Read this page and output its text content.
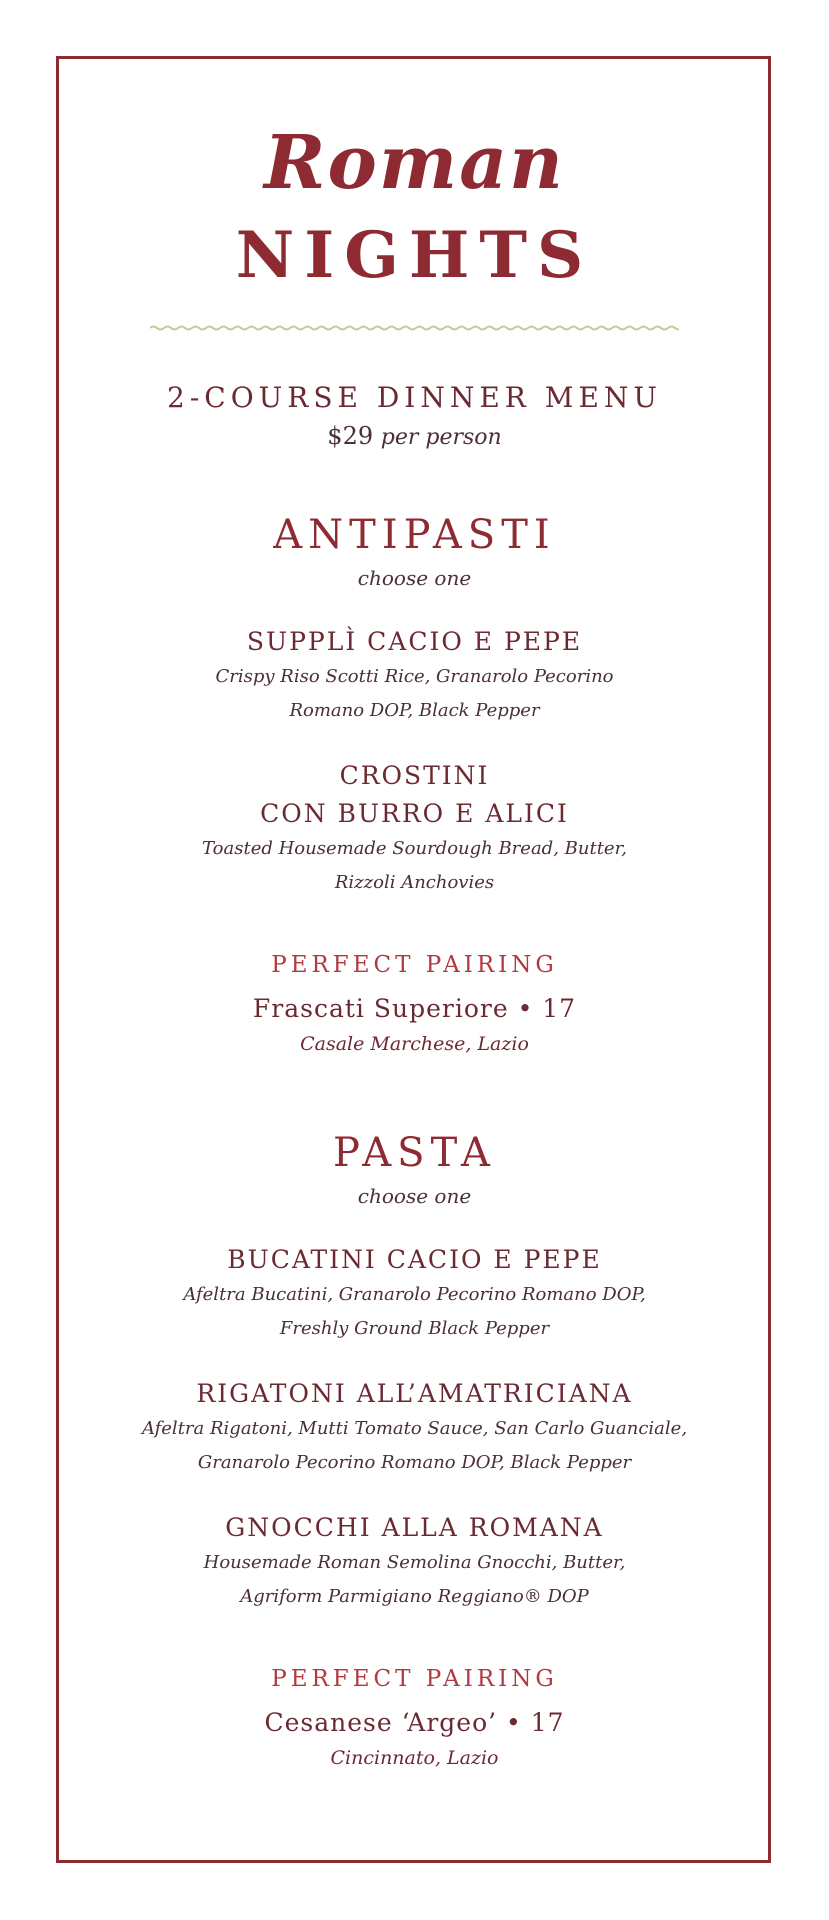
Roman
NIGHTS
2-COURSE DINNER MENU
$29 per person
ANTIPASTI
choose one
SUPPLÌ CACIO E PEPE
Crispy Riso Scotti Rice, Granarolo Pecorino
Romano DOP, Black Pepper
CROSTINI
CON BURRO E ALICI
Toasted Housemade Sourdough Bread, Butter,
Rizzoli Anchovies
PERFECT PAIRING
Frascati Superiore • 17
Casale Marchese, Lazio
PASTA
choose one
BUCATINI CACIO E PEPE
Afeltra Bucatini, Granarolo Pecorino Romano DOP,
Freshly Ground Black Pepper
RIGATONI ALL’AMATRICIANA
Afeltra Rigatoni, Mutti Tomato Sauce, San Carlo Guanciale,
Granarolo Pecorino Romano DOP, Black Pepper
GNOCCHI ALLA ROMANA
Housemade Roman Semolina Gnocchi, Butter,
Agriform Parmigiano Reggiano® DOP
PERFECT PAIRING
Cesanese ‘Argeo’ • 17
Cincinnato, Lazio
